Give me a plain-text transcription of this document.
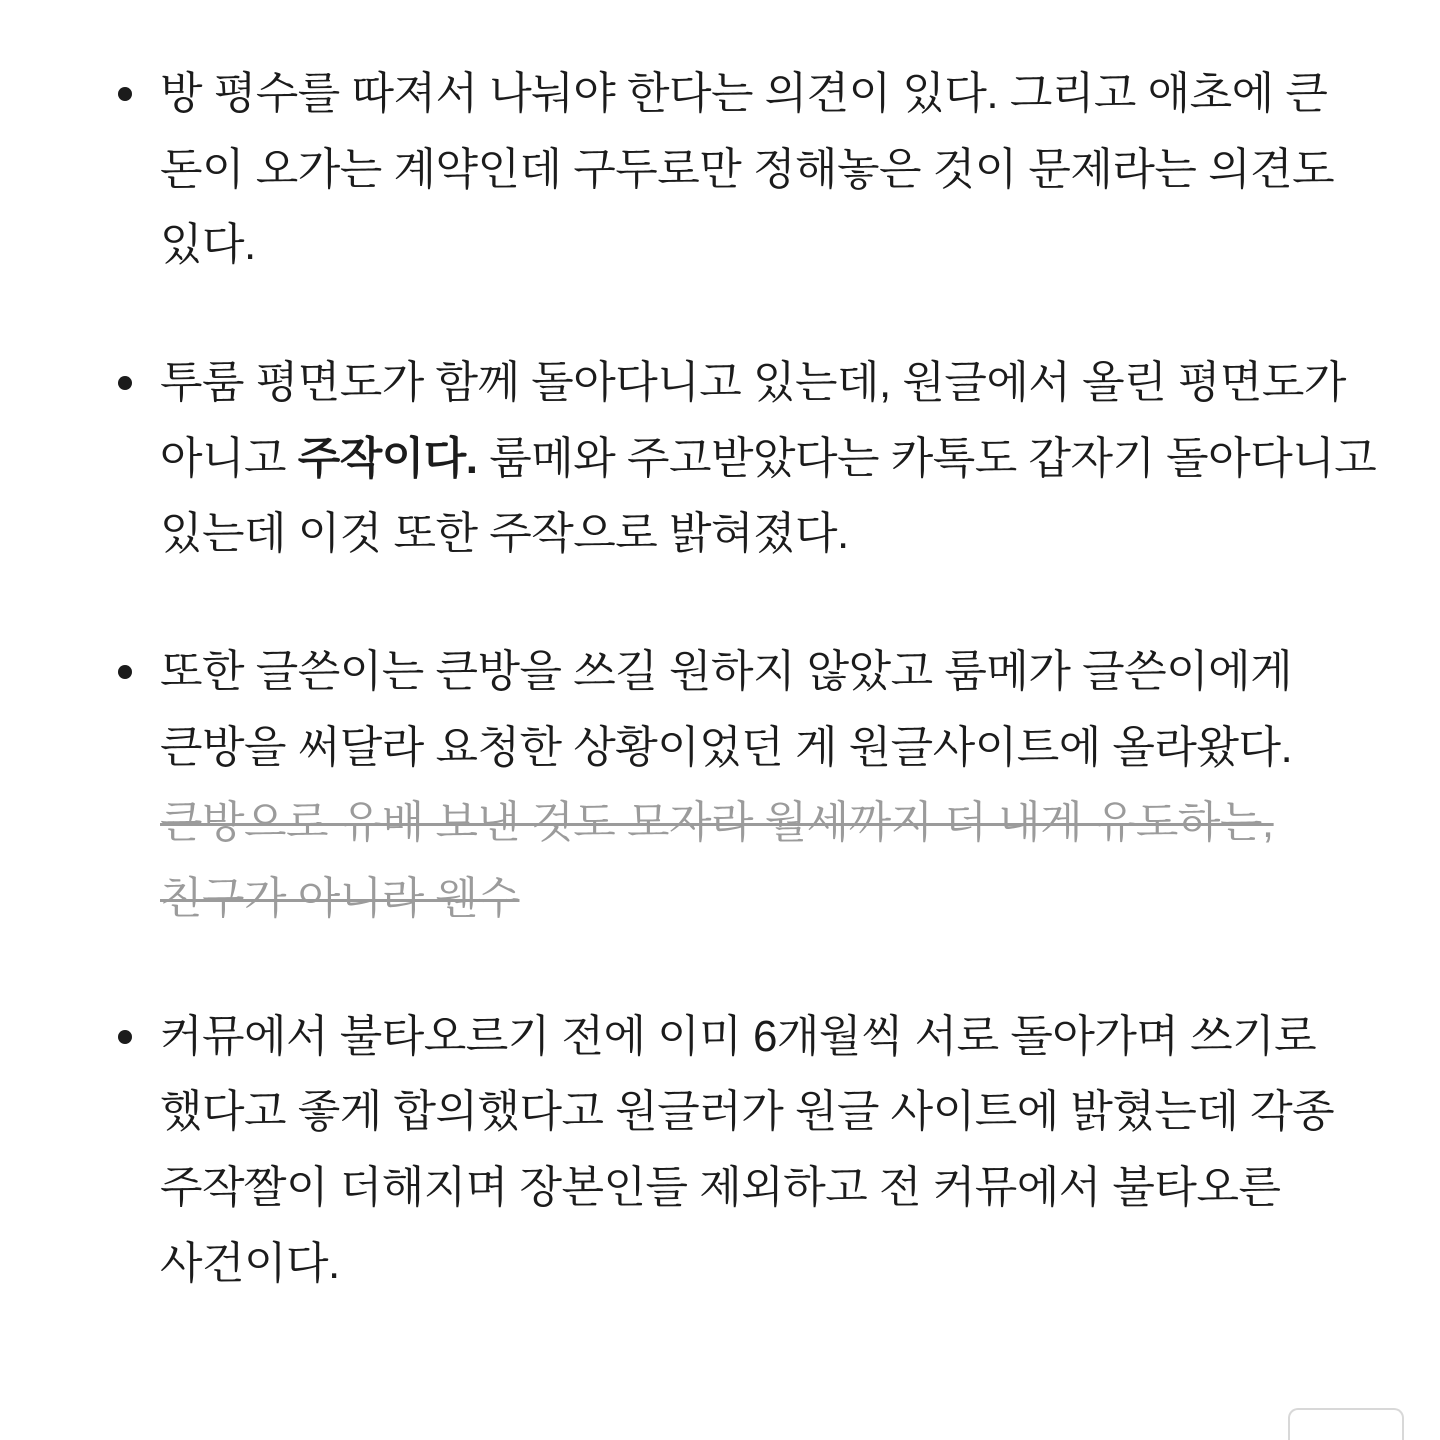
방 평수를 따져서 나눠야 한다는 의견이 있다. 그리고 애초에 큰 돈이 오가는 계약인데 구두로만 정해놓은 것이 문제라는 의견도 있다.
투룸 평면도가 함께 돌아다니고 있는데, 원글에서 올린 평면도가 아니고 주작이다. 룸메와 주고받았다는 카톡도 갑자기 돌아다니고 있는데 이것 또한 주작으로 밝혀졌다.
또한 글쓴이는 큰방을 쓰길 원하지 않았고 룸메가 글쓴이에게 큰방을 써달라 요청한 상황이었던 게 원글사이트에 올라왔다. 큰방으로 유배 보낸 것도 모자라 월세까지 더 내게 유도하는, 친구가 아니라 웬수
커뮤에서 불타오르기 전에 이미 6개월씩 서로 돌아가며 쓰기로 했다고 좋게 합의했다고 원글러가 원글 사이트에 밝혔는데 각종 주작짤이 더해지며 장본인들 제외하고 전 커뮤에서 불타오른 사건이다.
